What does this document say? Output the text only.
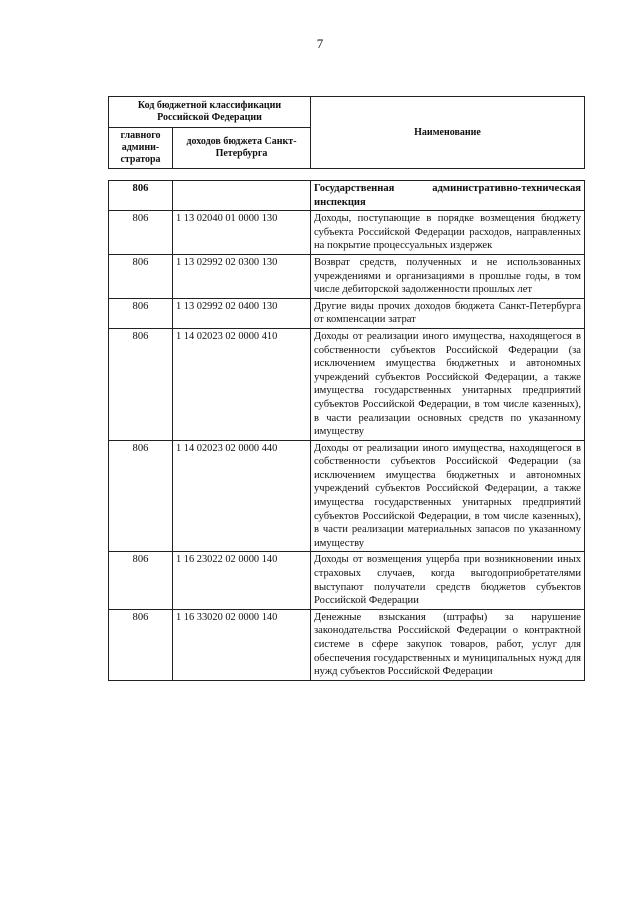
7
Код бюджетной классификации Российской Федерации		Наименование
главного админи-стратора	доходов бюджета Санкт-Петербурга	
806		Государственная административно-техническая инспекция
806	1 13 02040 01 0000 130	Доходы, поступающие в порядке возмещения бюджету субъекта Российской Федерации расходов, направленных на покрытие процессуальных издержек
806	1 13 02992 02 0300 130	Возврат средств, полученных и не использованных учреждениями и организациями в прошлые годы, в том числе дебиторской задолженности прошлых лет
806	1 13 02992 02 0400 130	Другие виды прочих доходов бюджета Санкт-Петербурга от компенсации затрат
806	1 14 02023 02 0000 410	Доходы от реализации иного имущества, находящегося в собственности субъектов Российской Федерации (за исключением имущества бюджетных и автономных учреждений субъектов Российской Федерации, а также имущества государственных унитарных предприятий субъектов Российской Федерации, в том числе казенных), в части реализации основных средств по указанному имуществу
806	1 14 02023 02 0000 440	Доходы от реализации иного имущества, находящегося в собственности субъектов Российской Федерации (за исключением имущества бюджетных и автономных учреждений субъектов Российской Федерации, а также имущества государственных унитарных предприятий субъектов Российской Федерации, в том числе казенных), в части реализации материальных запасов по указанному имуществу
806	1 16 23022 02 0000 140	Доходы от возмещения ущерба при возникновении иных страховых случаев, когда выгодоприобретателями выступают получатели средств бюджетов субъектов Российской Федерации
806	1 16 33020 02 0000 140	Денежные взыскания (штрафы) за нарушение законодательства Российской Федерации о контрактной системе в сфере закупок товаров, работ, услуг для обеспечения государственных и муниципальных нужд для нужд субъектов Российской Федерации
